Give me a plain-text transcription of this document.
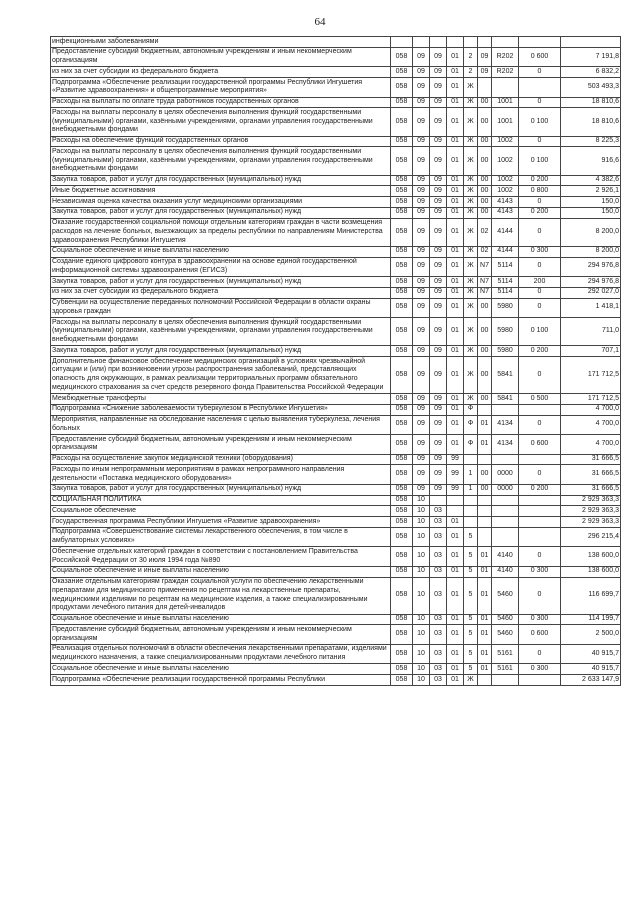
64
инфекционными заболеваниями									
Предоставление субсидий бюджетным, автономным учреждениям и иным некоммерческим организациям	058	09	09	01	2	09	R202	0 600	7 191,8
из них за счет субсидии из федерального бюджета	058	09	09	01	2	09	R202	0	6 832,2
Подпрограмма «Обеспечение реализации государственной программы Республики Ингушетия «Развитие здравоохранения» и общепрограммные мероприятия»	058	09	09	01	Ж				503 493,3
Расходы на выплаты по оплате труда работников государственных органов	058	09	09	01	Ж	00	1001	0	18 810,6
Расходы на выплаты персоналу в целях обеспечения выполнения функций государственными (муниципальными) органами, казёнными учреждениями, органами управления государственными внебюджетными фондами	058	09	09	01	Ж	00	1001	0 100	18 810,6
Расходы на обеспечение функций государственных органов	058	09	09	01	Ж	00	1002	0	8 225,3
Расходы на выплаты персоналу в целях обеспечения выполнения функций государственными (муниципальными) органами, казёнными учреждениями, органами управления государственными внебюджетными фондами	058	09	09	01	Ж	00	1002	0 100	916,6
Закупка товаров, работ и услуг для государственных (муниципальных) нужд	058	09	09	01	Ж	00	1002	0 200	4 382,6
Иные бюджетные ассигнования	058	09	09	01	Ж	00	1002	0 800	2 926,1
Независимая оценка качества оказания услуг медицинскими организациями	058	09	09	01	Ж	00	4143	0	150,0
Закупка товаров, работ и услуг для государственных (муниципальных) нужд	058	09	09	01	Ж	00	4143	0 200	150,0
Оказание государственной социальной помощи отдельным категориям граждан в части возмещения расходов на лечение больных, выезжающих за пределы республики по направлениям Министерства здравоохранения Республики Ингушетия	058	09	09	01	Ж	02	4144	0	8 200,0
Социальное обеспечение и иные выплаты населению	058	09	09	01	Ж	02	4144	0 300	8 200,0
Создание единого цифрового контура в здравоохранении на основе единой государственной информационной системы здравоохранения (ЕГИСЗ)	058	09	09	01	Ж	N7	5114	0	294 976,8
Закупка товаров, работ и услуг для государственных (муниципальных) нужд	058	09	09	01	Ж	N7	5114	200	294 976,8
из них за счет субсидии из федерального бюджета	058	09	09	01	Ж	N7	5114	0	292 027,0
Субвенции на осуществление переданных полномочий Российской Федерации в области охраны здоровья граждан	058	09	09	01	Ж	00	5980	0	1 418,1
Расходы на выплаты персоналу в целях обеспечения выполнения функций государственными (муниципальными) органами, казёнными учреждениями, органами управления государственными внебюджетными фондами	058	09	09	01	Ж	00	5980	0 100	711,0
Закупка товаров, работ и услуг для государственных (муниципальных) нужд	058	09	09	01	Ж	00	5980	0 200	707,1
Дополнительное финансовое обеспечение медицинских организаций в условиях чрезвычайной ситуации и (или) при возникновении угрозы распространения заболеваний, представляющих опасность для окружающих, в рамках реализации территориальных программ обязательного медицинского страхования за счет средств резервного фонда Правительства Российской Федерации	058	09	09	01	Ж	00	5841	0	171 712,5
Межбюджетные трансферты	058	09	09	01	Ж	00	5841	0 500	171 712,5
Подпрограмма «Снижение заболеваемости туберкулезом в Республике Ингушетия»	058	09	09	01	Ф				4 700,0
Мероприятия, направленные на обследование населения с целью выявления туберкулеза, лечения больных	058	09	09	01	Ф	01	4134	0	4 700,0
Предоставление субсидий бюджетным, автономным учреждениям и иным некоммерческим организациям	058	09	09	01	Ф	01	4134	0 600	4 700,0
Расходы на осуществление закупок медицинской техники (оборудования)	058	09	09	99					31 666,5
Расходы по иным непрограммным мероприятиям в рамках непрограммного направления деятельности «Поставка медицинского оборудования»	058	09	09	99	1	00	0000	0	31 666,5
Закупка товаров, работ и услуг для государственных (муниципальных) нужд	058	09	09	99	1	00	0000	0 200	31 666,5
СОЦИАЛЬНАЯ ПОЛИТИКА	058	10							2 929 363,3
Социальное обеспечение	058	10	03						2 929 363,3
Государственная программа Республики Ингушетия «Развитие здравоохранения»	058	10	03	01					2 929 363,3
Подпрограмма «Совершенствование системы лекарственного обеспечения, в том числе в амбулаторных условиях»	058	10	03	01	5				296 215,4
Обеспечение отдельных категорий граждан в соответствии с постановлением Правительства Российской Федерации от 30 июля 1994 года №890	058	10	03	01	5	01	4140	0	138 600,0
Социальное обеспечение и иные выплаты населению	058	10	03	01	5	01	4140	0 300	138 600,0
Оказание отдельным категориям граждан социальной услуги по обеспечению лекарственными препаратами для медицинского применения по рецептам на лекарственные препараты, медицинскими изделиями по рецептам на медицинские изделия, а также специализированными продуктами лечебного питания для детей-инвалидов	058	10	03	01	5	01	5460	0	116 699,7
Социальное обеспечение и иные выплаты населению	058	10	03	01	5	01	5460	0 300	114 199,7
Предоставление субсидий бюджетным, автономным учреждениям и иным некоммерческим организациям	058	10	03	01	5	01	5460	0 600	2 500,0
Реализация отдельных полномочий в области обеспечения лекарственными препаратами, изделиями медицинского назначения, а также специализированными продуктами лечебного питания	058	10	03	01	5	01	5161	0	40 915,7
Социальное обеспечение и иные выплаты населению	058	10	03	01	5	01	5161	0 300	40 915,7
Подпрограмма «Обеспечение реализации государственной программы Республики	058	10	03	01	Ж				2 633 147,9
